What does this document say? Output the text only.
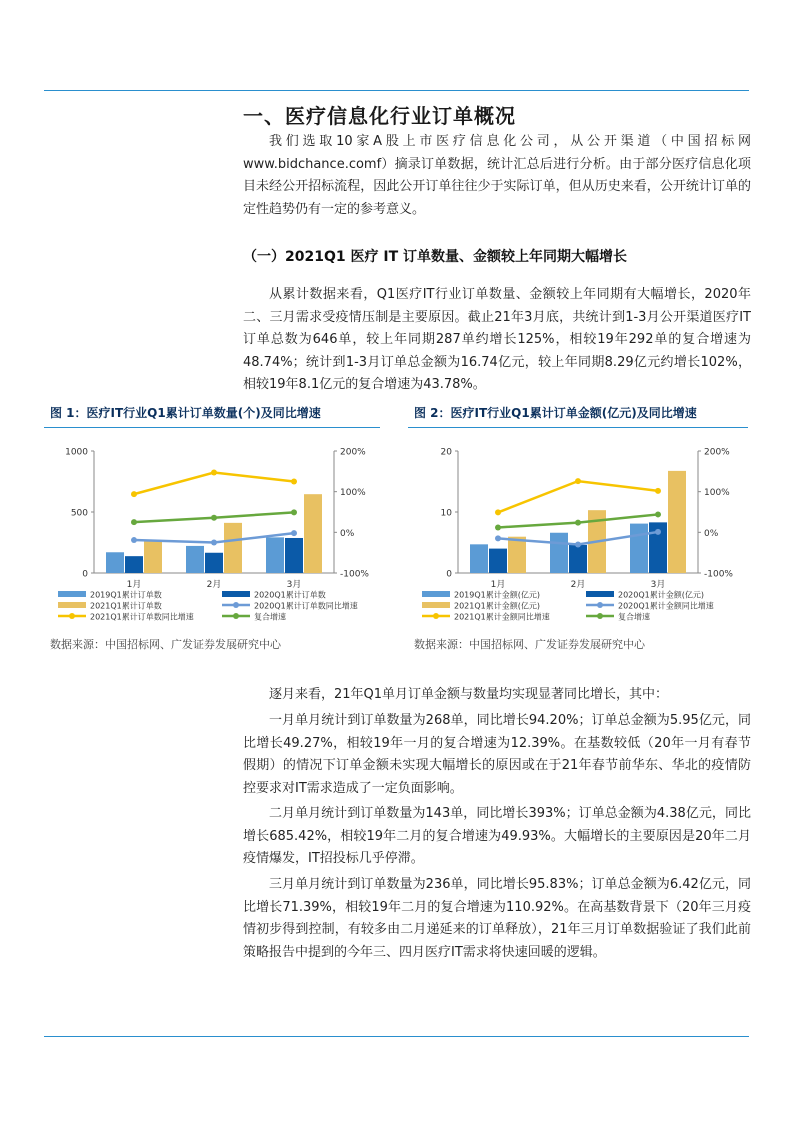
一、医疗信息化行业订单概况

我们选取10家A股上市医疗信息化公司，从公开渠道（中国招标网www.bidchance.comf）摘录订单数据，统计汇总后进行分析。由于部分医疗信息化项目未经公开招标流程，因此公开订单往往少于实际订单，但从历史来看，公开统计订单的定性趋势仍有一定的参考意义。

（一）2021Q1 医疗 IT 订单数量、金额较上年同期大幅增长

从累计数据来看，Q1医疗IT行业订单数量、金额较上年同期有大幅增长，2020年二、三月需求受疫情压制是主要原因。截止21年3月底，共统计到1-3月公开渠道医疗IT订单总数为646单，较上年同期287单约增长125%，相较19年292单的复合增速为48.74%；统计到1-3月订单总金额为16.74亿元，较上年同期8.29亿元约增长102%，相较19年8.1亿元的复合增速为43.78%。

图 1：医疗IT行业Q1累计订单数量(个)及同比增速
0
500
1000
-100%
0%
100%
200%
1月	2月	3月
2019Q1累计订单数	2020Q1累计订单数
2021Q1累计订单数	2020Q1累计订单数同比增速
2021Q1累计订单数同比增速	复合增速
数据来源：中国招标网、广发证券发展研究中心
图 2：医疗IT行业Q1累计订单金额(亿元)及同比增速
0
10
20
-100%
0%
100%
200%
1月	2月	3月
2019Q1累计金额(亿元)	2020Q1累计金额(亿元)
2021Q1累计金额(亿元)	2020Q1累计金额同比增速
2021Q1累计金额同比增速	复合增速
数据来源：中国招标网、广发证券发展研究中心

逐月来看，21年Q1单月订单金额与数量均实现显著同比增长，其中：

一月单月统计到订单数量为268单，同比增长94.20%；订单总金额为5.95亿元，同比增长49.27%，相较19年一月的复合增速为12.39%。在基数较低（20年一月有春节假期）的情况下订单金额未实现大幅增长的原因或在于21年春节前华东、华北的疫情防控要求对IT需求造成了一定负面影响。

二月单月统计到订单数量为143单，同比增长393%；订单总金额为4.38亿元，同比增长685.42%，相较19年二月的复合增速为49.93%。大幅增长的主要原因是20年二月疫情爆发，IT招投标几乎停滞。

三月单月统计到订单数量为236单，同比增长95.83%；订单总金额为6.42亿元，同比增长71.39%，相较19年二月的复合增速为110.92%。在高基数背景下（20年三月疫情初步得到控制，有较多由二月递延来的订单释放），21年三月订单数据验证了我们此前策略报告中提到的今年三、四月医疗IT需求将快速回暖的逻辑。
